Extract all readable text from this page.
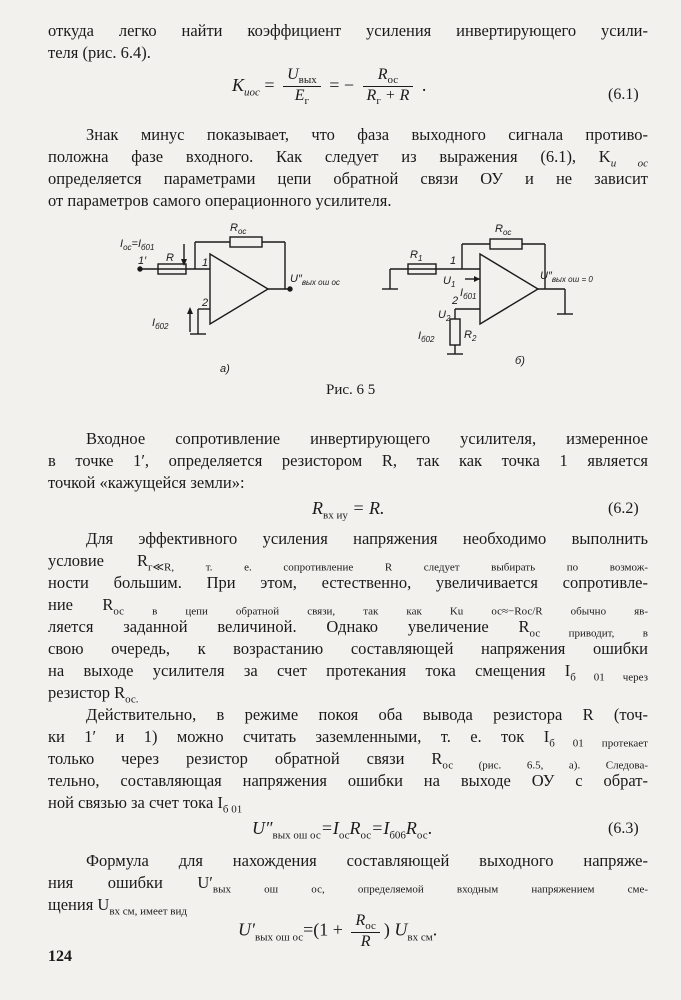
откуда легко найти коэффициент усиления инвертирующего усили-

теля (рис. 6.4).

$K_{uос} = \frac{U_{вых}}{E_г}$ = − $\frac{R_{ос}}{R_г + R}$ .	(6.1)

Знак минус показывает, что фаза выходного сигнала противо-

положна фазе входного. Как следует из выражения (6.1), $K_{u ос}$

определяется параметрами цепи обратной связи ОУ и не зависит

от параметров самого операционного усилителя.

$I_{ос}=I_{б01}$
$R_{ос}$
1′ R	1
2
$I_{б02}$
$U''_{вых ош ос}$
а)
$R_1$
$R_{ос}$
1
$U_1$
$I_{б01}$
2
$U_2$
$I_{б02}$	$R_2$
$U''_{вых ош = 0}$
б)
Рис. 6 5

Входное сопротивление инвертирующего усилителя, измеренное

в точке 1′, определяется резистором R, так как точка 1 является

точкой «кажущейся земли»:

$R_{вх иу} = R$.	(6.2)

Для эффективного усиления напряжения необходимо выполнить

условие $R_{г≪R, т. е. сопротивление R следует выбирать по возмож-}$

ности большим. При этом, естественно, увеличивается сопротивле-

ние $R_{ос в цепи обратной связи, так как Ku ос\approx-Rос/R обычно яв-}$

ляется заданной величиной. Однако увеличение $R_{ос приводит, в}$

свою очередь, к возрастанию составляющей напряжения ошибки

на выходе усилителя за счет протекания тока смещения $I_{б 01 через}$

резистор $R_{ос.}$

Действительно, в режиме покоя оба вывода резистора R (точ-

ки 1′ и 1) можно считать заземленными, т. е. ток $I_{б 01 протекает}$

только через резистор обратной связи $R_{ос (рис. 6.5, а). Следова-}$

тельно, составляющая напряжения ошибки на выходе ОУ с обрат-

ной связью за счет тока $I_{б 01}$

$U''_{вых ош ос}=I_{ос}R_{ос}=I_{б06}R_{ос}$.	(6.3)

Формула для нахождения составляющей выходного напряже-

ния ошибки $U'_{вых ош ос, определяемой входным напряжением сме-}$

щения $U_{вх см, имеет вид}$

$U'_{вых ош ос}=(1 + \frac{R_{ос}}{R}$ ) $U_{вх см}$.
124
